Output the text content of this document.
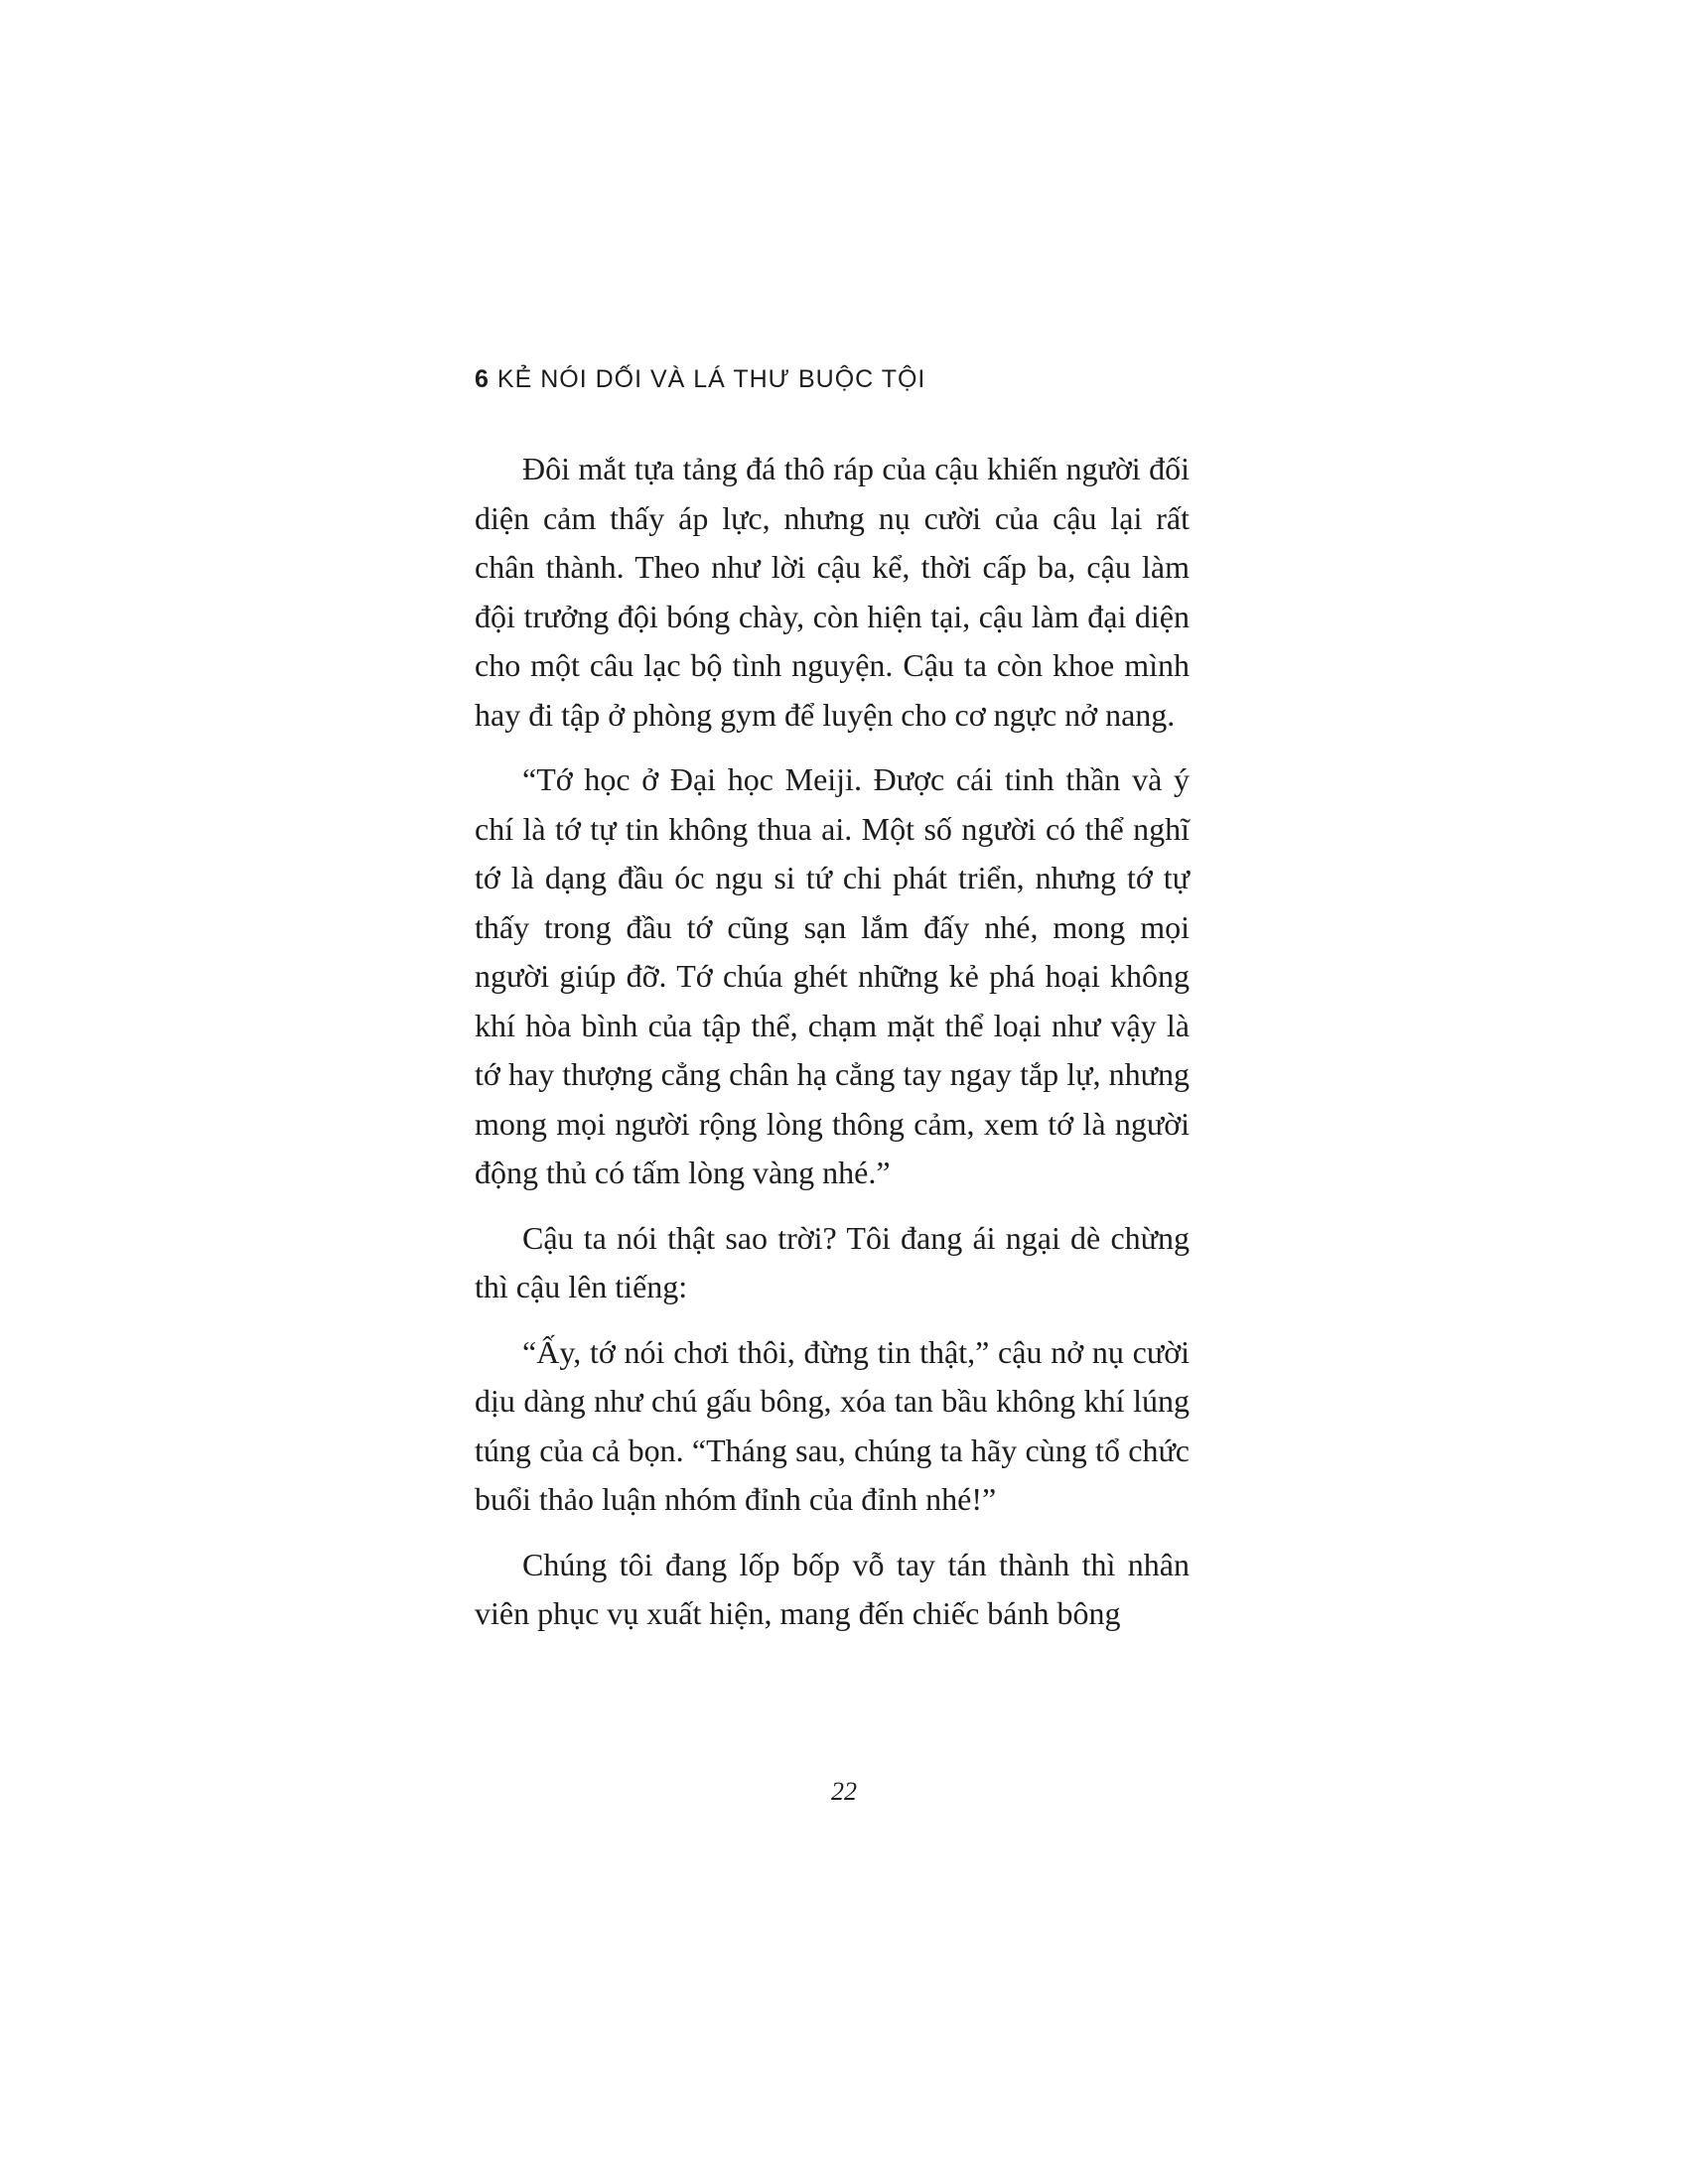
6 KẺ NÓI DỐI VÀ LÁ THƯ BUỘC TỘI

Đôi mắt tựa tảng đá thô ráp của cậu khiến người đối diện cảm thấy áp lực, nhưng nụ cười của cậu lại rất chân thành. Theo như lời cậu kể, thời cấp ba, cậu làm đội trưởng đội bóng chày, còn hiện tại, cậu làm đại diện cho một câu lạc bộ tình nguyện. Cậu ta còn khoe mình hay đi tập ở phòng gym để luyện cho cơ ngực nở nang.

“Tớ học ở Đại học Meiji. Được cái tinh thần và ý chí là tớ tự tin không thua ai. Một số người có thể nghĩ tớ là dạng đầu óc ngu si tứ chi phát triển, nhưng tớ tự thấy trong đầu tớ cũng sạn lắm đấy nhé, mong mọi người giúp đỡ. Tớ chúa ghét những kẻ phá hoại không khí hòa bình của tập thể, chạm mặt thể loại như vậy là tớ hay thượng cẳng chân hạ cẳng tay ngay tắp lự, nhưng mong mọi người rộng lòng thông cảm, xem tớ là người động thủ có tấm lòng vàng nhé.”

Cậu ta nói thật sao trời? Tôi đang ái ngại dè chừng thì cậu lên tiếng:

“Ấy, tớ nói chơi thôi, đừng tin thật,” cậu nở nụ cười dịu dàng như chú gấu bông, xóa tan bầu không khí lúng túng của cả bọn. “Tháng sau, chúng ta hãy cùng tổ chức buổi thảo luận nhóm đỉnh của đỉnh nhé!”

Chúng tôi đang lốp bốp vỗ tay tán thành thì nhân viên phục vụ xuất hiện, mang đến chiếc bánh bông

22
